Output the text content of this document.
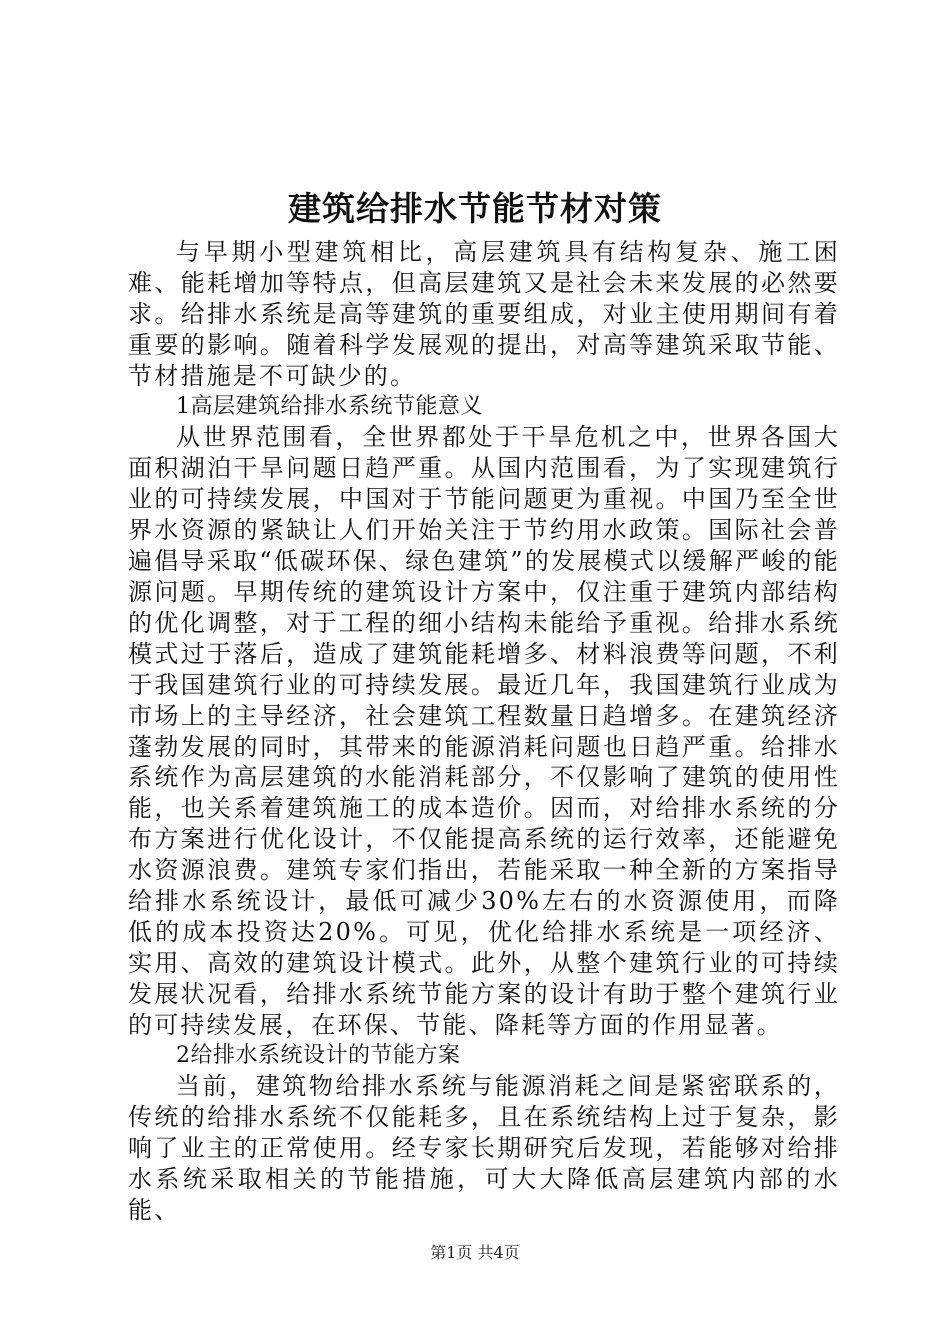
建筑给排水节能节材对策

与早期小型建筑相比，高层建筑具有结构复杂、施工困难、能耗增加等特点，但高层建筑又是社会未来发展的必然要求。给排水系统是高等建筑的重要组成，对业主使用期间有着重要的影响。随着科学发展观的提出，对高等建筑采取节能、节材措施是不可缺少的。

1高层建筑给排水系统节能意义

从世界范围看，全世界都处于干旱危机之中，世界各国大面积湖泊干旱问题日趋严重。从国内范围看，为了实现建筑行业的可持续发展，中国对于节能问题更为重视。中国乃至全世界水资源的紧缺让人们开始关注于节约用水政策。国际社会普遍倡导采取“低碳环保、绿色建筑”的发展模式以缓解严峻的能源问题。早期传统的建筑设计方案中，仅注重于建筑内部结构的优化调整，对于工程的细小结构未能给予重视。给排水系统模式过于落后，造成了建筑能耗增多、材料浪费等问题，不利于我国建筑行业的可持续发展。最近几年，我国建筑行业成为市场上的主导经济，社会建筑工程数量日趋增多。在建筑经济蓬勃发展的同时，其带来的能源消耗问题也日趋严重。给排水系统作为高层建筑的水能消耗部分，不仅影响了建筑的使用性能，也关系着建筑施工的成本造价。因而，对给排水系统的分布方案进行优化设计，不仅能提高系统的运行效率，还能避免水资源浪费。建筑专家们指出，若能采取一种全新的方案指导给排水系统设计，最低可减少30%左右的水资源使用，而降低的成本投资达20%。可见，优化给排水系统是一项经济、实用、高效的建筑设计模式。此外，从整个建筑行业的可持续发展状况看，给排水系统节能方案的设计有助于整个建筑行业的可持续发展，在环保、节能、降耗等方面的作用显著。

2给排水系统设计的节能方案

当前，建筑物给排水系统与能源消耗之间是紧密联系的，传统的给排水系统不仅能耗多，且在系统结构上过于复杂，影响了业主的正常使用。经专家长期研究后发现，若能够对给排水系统采取相关的节能措施，可大大降低高层建筑内部的水能、

第1页 共4页
